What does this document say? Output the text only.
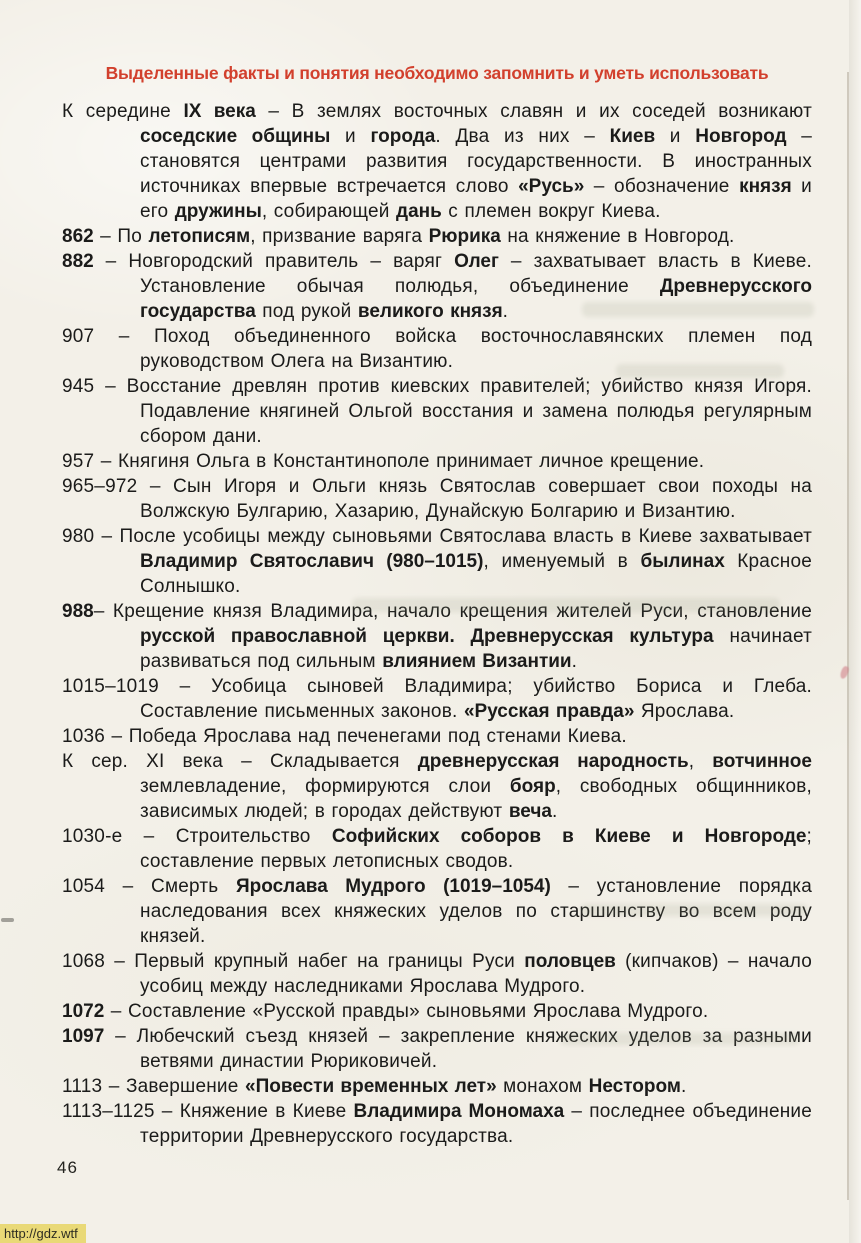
Выделенные факты и понятия необходимо запомнить и уметь использовать

К середине IX века – В землях восточных славян и их соседей возникают соседские общины и города. Два из них – Киев и Новгород – становятся центрами развития государственности. В иностранных источниках впервые встречается слово «Русь» – обозначение князя и его дружины, собирающей дань с племен вокруг Киева.

862 – По летописям, призвание варяга Рюрика на княжение в Новгород.

882 – Новгородский правитель – варяг Олег – захватывает власть в Киеве. Установление обычая полюдья, объединение Древнерусского государства под рукой великого князя.

907 – Поход объединенного войска восточнославянских племен под руководством Олега на Византию.

945 – Восстание древлян против киевских правителей; убийство князя Игоря. Подавление княгиней Ольгой восстания и замена полюдья регулярным сбором дани.

957 – Княгиня Ольга в Константинополе принимает личное крещение.

965–972 – Сын Игоря и Ольги князь Святослав совершает свои походы на Волжскую Булгарию, Хазарию, Дунайскую Болгарию и Византию.

980 – После усобицы между сыновьями Святослава власть в Киеве захватывает Владимир Святославич (980–1015), именуемый в былинах Красное Солнышко.

988– Крещение князя Владимира, начало крещения жителей Руси, становление русской православной церкви. Древнерусская культура начинает развиваться под сильным влиянием Византии.

1015–1019 – Усобица сыновей Владимира; убийство Бориса и Глеба. Составление письменных законов. «Русская правда» Ярослава.

1036 – Победа Ярослава над печенегами под стенами Киева.

К сер. XI века – Складывается древнерусская народность, вотчинное землевладение, формируются слои бояр, свободных общинников, зависимых людей; в городах действуют веча.

1030-е – Строительство Софийских соборов в Киеве и Новгороде; составление первых летописных сводов.

1054 – Смерть Ярослава Мудрого (1019–1054) – установление порядка наследования всех княжеских уделов по старшинству во всем роду князей.

1068 – Первый крупный набег на границы Руси половцев (кипчаков) – начало усобиц между наследниками Ярослава Мудрого.

1072 – Составление «Русской правды» сыновьями Ярослава Мудрого.

1097 – Любечский съезд князей – закрепление княжеских уделов за разными ветвями династии Рюриковичей.

1113 – Завершение «Повести временных лет» монахом Нестором.

1113–1125 – Княжение в Киеве Владимира Мономаха – последнее объединение территории Древнерусского государства.

46
http://gdz.wtf
